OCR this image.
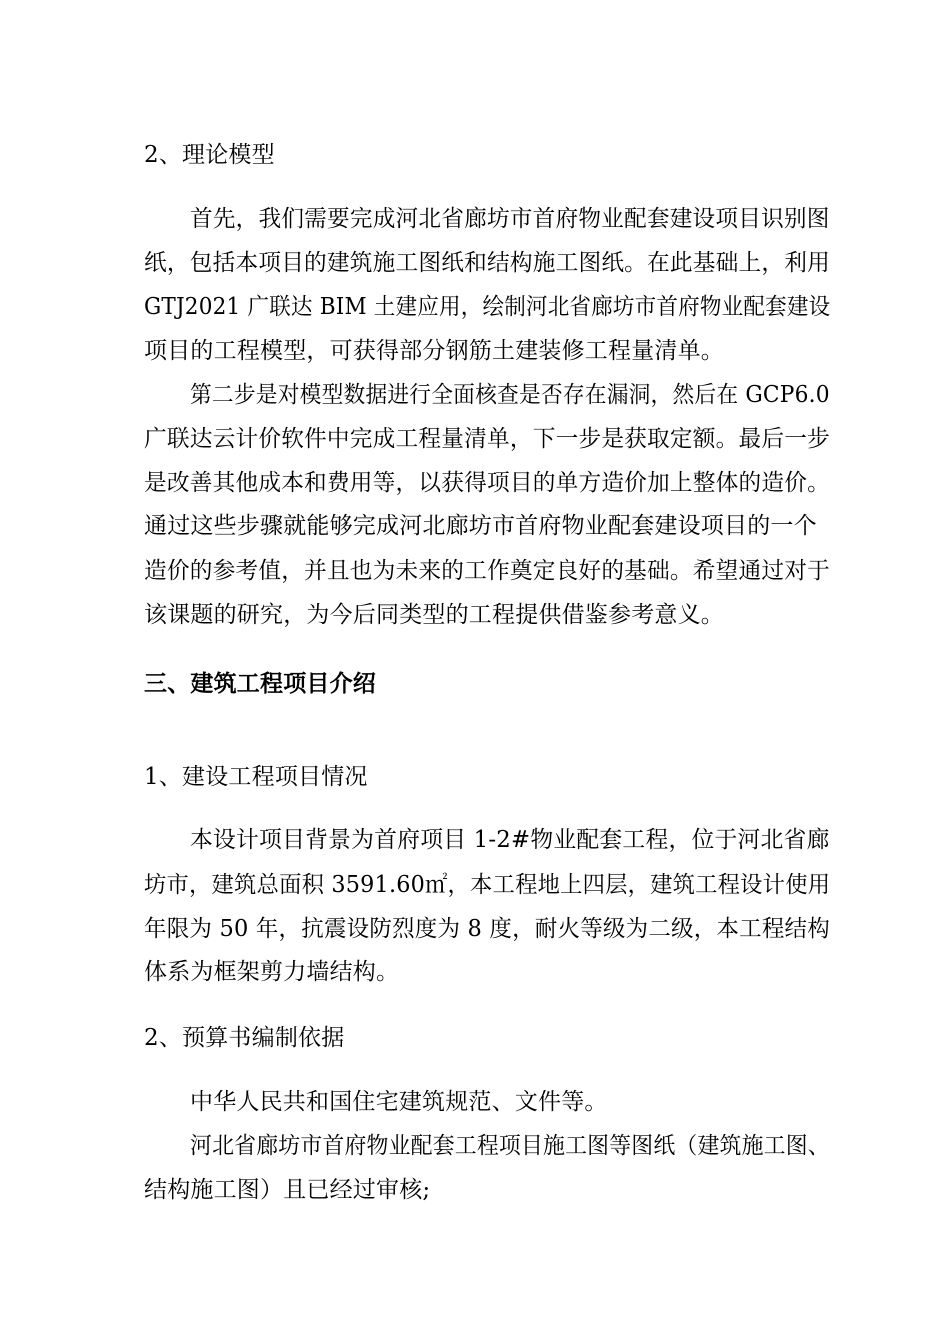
2、理论模型
首先，我们需要完成河北省廊坊市首府物业配套建设项目识别图
纸，包括本项目的建筑施工图纸和结构施工图纸。在此基础上，利用
GTJ2021 广联达 BIM 土建应用，绘制河北省廊坊市首府物业配套建设
项目的工程模型，可获得部分钢筋土建装修工程量清单。
第二步是对模型数据进行全面核查是否存在漏洞，然后在 GCP6.0
广联达云计价软件中完成工程量清单，下一步是获取定额。最后一步
是改善其他成本和费用等，以获得项目的单方造价加上整体的造价。
通过这些步骤就能够完成河北廊坊市首府物业配套建设项目的一个
造价的参考值，并且也为未来的工作奠定良好的基础。希望通过对于
该课题的研究，为今后同类型的工程提供借鉴参考意义。
三、建筑工程项目介绍
1、建设工程项目情况
本设计项目背景为首府项目 1-2#物业配套工程，位于河北省廊
坊市，建筑总面积 3591.60㎡，本工程地上四层，建筑工程设计使用
年限为 50 年，抗震设防烈度为 8 度，耐火等级为二级，本工程结构
体系为框架剪力墙结构。
2、预算书编制依据
中华人民共和国住宅建筑规范、文件等。
河北省廊坊市首府物业配套工程项目施工图等图纸（建筑施工图、
结构施工图）且已经过审核;
